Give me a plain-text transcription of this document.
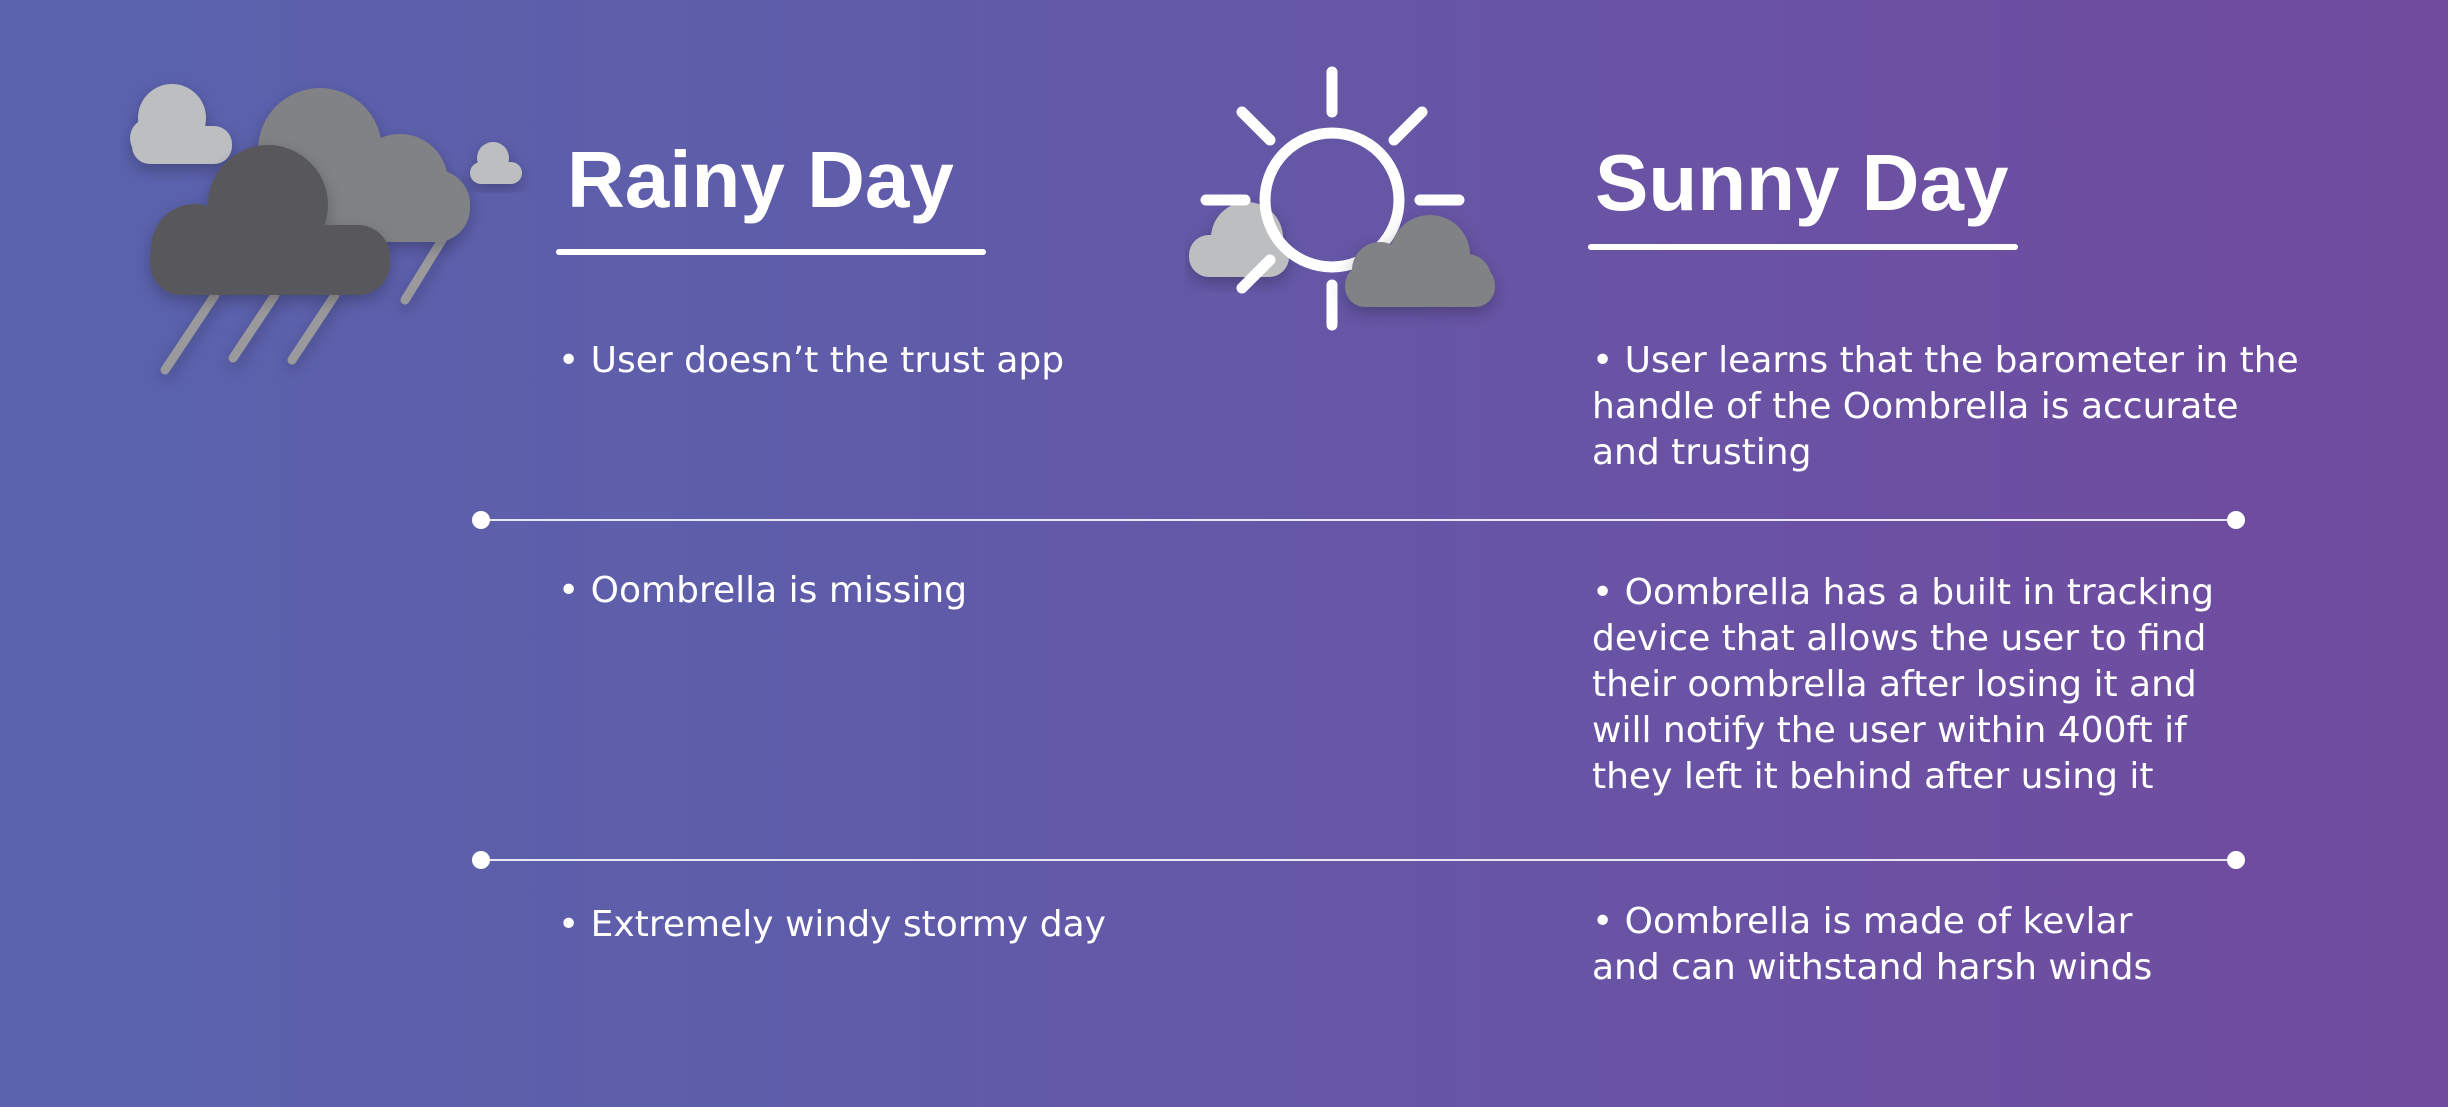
Rainy Day	Sunny Day
• User doesn’t the trust app	• User learns that the barometer in the
handle of the Oombrella is accurate
and trusting
• Oombrella is missing	• Oombrella has a built in tracking
device that allows the user to find
their oombrella after losing it and
will notify the user within 400ft if
they left it behind after using it
• Extremely windy stormy day	• Oombrella is made of kevlar
and can withstand harsh winds
